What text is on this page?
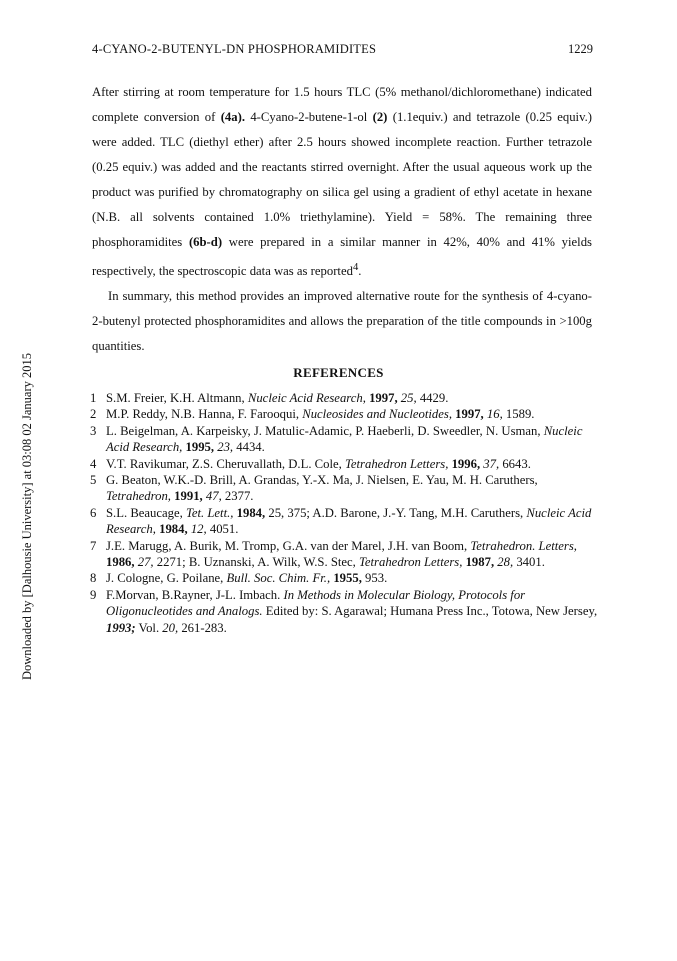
Downloaded by [Dalhousie University] at 03:08 02 January 2015
4-CYANO-2-BUTENYL-DN PHOSPHORAMIDITES	1229

After stirring at room temperature for 1.5 hours TLC (5% methanol/dichloromethane) indicated complete conversion of (4a). 4-Cyano-2-butene-1-ol (2) (1.1equiv.) and tetrazole (0.25 equiv.) were added. TLC (diethyl ether) after 2.5 hours showed incomplete reaction. Further tetrazole (0.25 equiv.) was added and the reactants stirred overnight. After the usual aqueous work up the product was purified by chromatography on silica gel using a gradient of ethyl acetate in hexane (N.B. all solvents contained 1.0% triethylamine). Yield = 58%. The remaining three phosphoramidites (6b-d) were prepared in a similar manner in 42%, 40% and 41% yields respectively, the spectroscopic data was as reported$^4$.

In summary, this method provides an improved alternative route for the synthesis of 4-cyano-2-butenyl protected phosphoramidites and allows the preparation of the title compounds in >100g quantities.

REFERENCES
1 S.M. Freier, K.H. Altmann, Nucleic Acid Research, 1997, 25, 4429.
2 M.P. Reddy, N.B. Hanna, F. Farooqui, Nucleosides and Nucleotides, 1997, 16, 1589.
3 L. Beigelman, A. Karpeisky, J. Matulic-Adamic, P. Haeberli, D. Sweedler, N. Usman, Nucleic Acid Research, 1995, 23, 4434.
4 V.T. Ravikumar, Z.S. Cheruvallath, D.L. Cole, Tetrahedron Letters, 1996, 37, 6643.
5 G. Beaton, W.K.-D. Brill, A. Grandas, Y.-X. Ma, J. Nielsen, E. Yau, M. H. Caruthers, Tetrahedron, 1991, 47, 2377.
6 S.L. Beaucage, Tet. Lett., 1984, 25, 375; A.D. Barone, J.-Y. Tang, M.H. Caruthers, Nucleic Acid Research, 1984, 12, 4051.
7 J.E. Marugg, A. Burik, M. Tromp, G.A. van der Marel, J.H. van Boom, Tetrahedron. Letters, 1986, 27, 2271; B. Uznanski, A. Wilk, W.S. Stec, Tetrahedron Letters, 1987, 28, 3401.
8 J. Cologne, G. Poilane, Bull. Soc. Chim. Fr., 1955, 953.
9 F.Morvan, B.Rayner, J-L. Imbach. In Methods in Molecular Biology, Protocols for Oligonucleotides and Analogs. Edited by: S. Agarawal; Humana Press Inc., Totowa, New Jersey, 1993; Vol. 20, 261-283.
